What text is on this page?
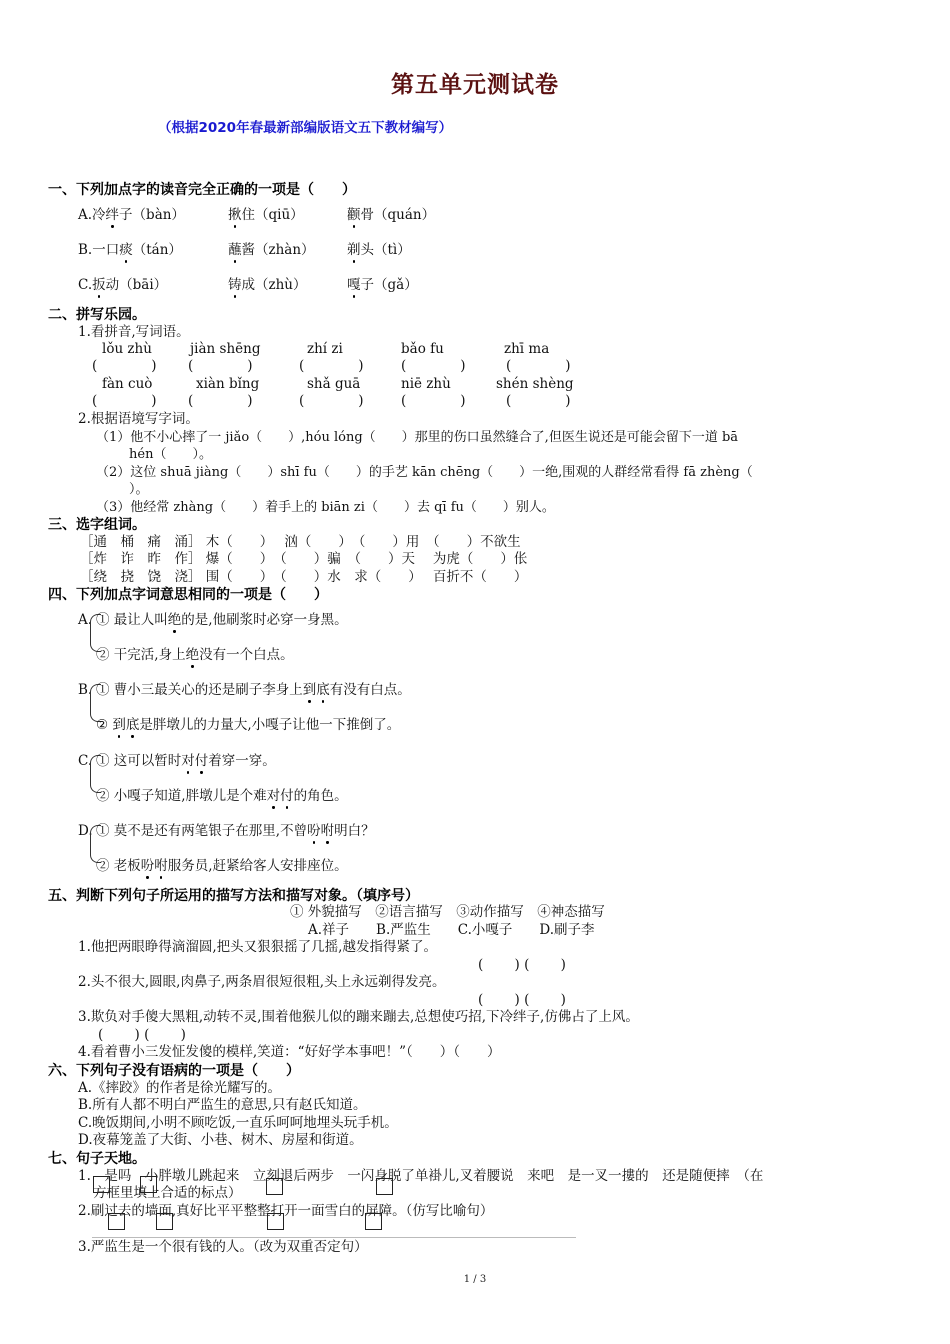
第五单元测试卷
（根据2020年春最新部编版语文五下教材编写）
一、下列加点字的读音完全正确的一项是（　　）
A.冷绊子（bàn）	揪住（qiū）	颧骨（quán）
B.一口痰（tán）	蘸酱（zhàn） 剃头（tì）
C.扳动（bāi）	铸成（zhù）	嘎子（gǎ）
二、拼写乐园。
1.看拼音,写词语。
lǒu zhù	jiàn shēng	zhí zi	bǎo fu	zhī ma
(　　　　) (　　　　)	(　　　　)	(　　　　)	(　　　　)
fàn cuò	xiàn bǐng	shǎ guā	niē zhù	shén shèng
(　　　　) (　　　　)	(　　　　)	(　　　　)	(　　　　)
2.根据语境写字词。
（1）他不小心摔了一 jiǎo（　　）,hóu lóng（　　）那里的伤口虽然缝合了,但医生说还是可能会留下一道 bā
hén（　　）。
（2）这位 shuā jiàng（　　）shī fu（　　）的手艺 kān chēng（　　）一绝,围观的人群经常看得 fā zhèng（
）。
（3）他经常 zhàng（　　）着手上的 biān zi（　　）去 qī fu（　　）别人。
三、选字组词。
［通　桶　痛　涌］ 木（　　）　 汹（　　）　（　　）用　（　　）不欲生
［炸　诈　昨　作］ 爆（　　）　（　　）骗　（　　）天　 为虎（　　）伥
［绕　挠　饶　浇］ 围（　　）　（　　）水　求（　　）　 百折不（　　）
四、下列加点字词意思相同的一项是（　　）
A. ① 最让人叫绝的是,他刷浆时必穿一身黑。
② 干完活,身上绝没有一个白点。
B. ① 曹小三最关心的还是刷子李身上到底有没有白点。
② 到底是胖墩儿的力量大,小嘎子让他一下推倒了。
C. ① 这可以暂时对付着穿一穿。
② 小嘎子知道,胖墩儿是个难对付的角色。
D. ① 莫不是还有两笔银子在那里,不曾吩咐明白？
② 老板吩咐服务员,赶紧给客人安排座位。
五、判断下列句子所运用的描写方法和描写对象。（填序号）
① 外貌描写　②语言描写　③动作描写　④神态描写
A.祥子　　B.严监生　　C.小嘎子　　D.刷子李
1.他把两眼睁得滴溜圆,把头又狠狠摇了几摇,越发指得紧了。
(　　 ) (　　 )
2.头不很大,圆眼,肉鼻子,两条眉很短很粗,头上永远剃得发亮。
(　　 ) (　　 )
3.欺负对手傻大黑粗,动转不灵,围着他猴儿似的蹦来蹦去,总想使巧招,下冷绊子,仿佛占了上风。
(　　 ) (　　 )
4.看着曹小三发怔发傻的模样,笑道：“好好学本事吧！”（　　）（　　）
六、下列句子没有语病的一项是（　　）
A.《摔跤》的作者是徐光耀写的。
B.所有人都不明白严监生的意思,只有赵氏知道。
C.晚饭期间,小明不顾吃饭,一直乐呵呵地埋头玩手机。
D.夜幕笼盖了大街、小巷、树木、房屋和街道。
七、句子天地。
1.　是吗　小胖墩儿跳起来　立刻退后两步　一闪身脱了单褂儿,叉着腰说　来吧　是一叉一摟的　还是随便摔　（在
方框里填上合适的标点）
2.刷过去的墙面,真好比平平整整打开一面雪白的屏障。（仿写比喻句）
3.严监生是一个很有钱的人。（改为双重否定句）
1 / 3
